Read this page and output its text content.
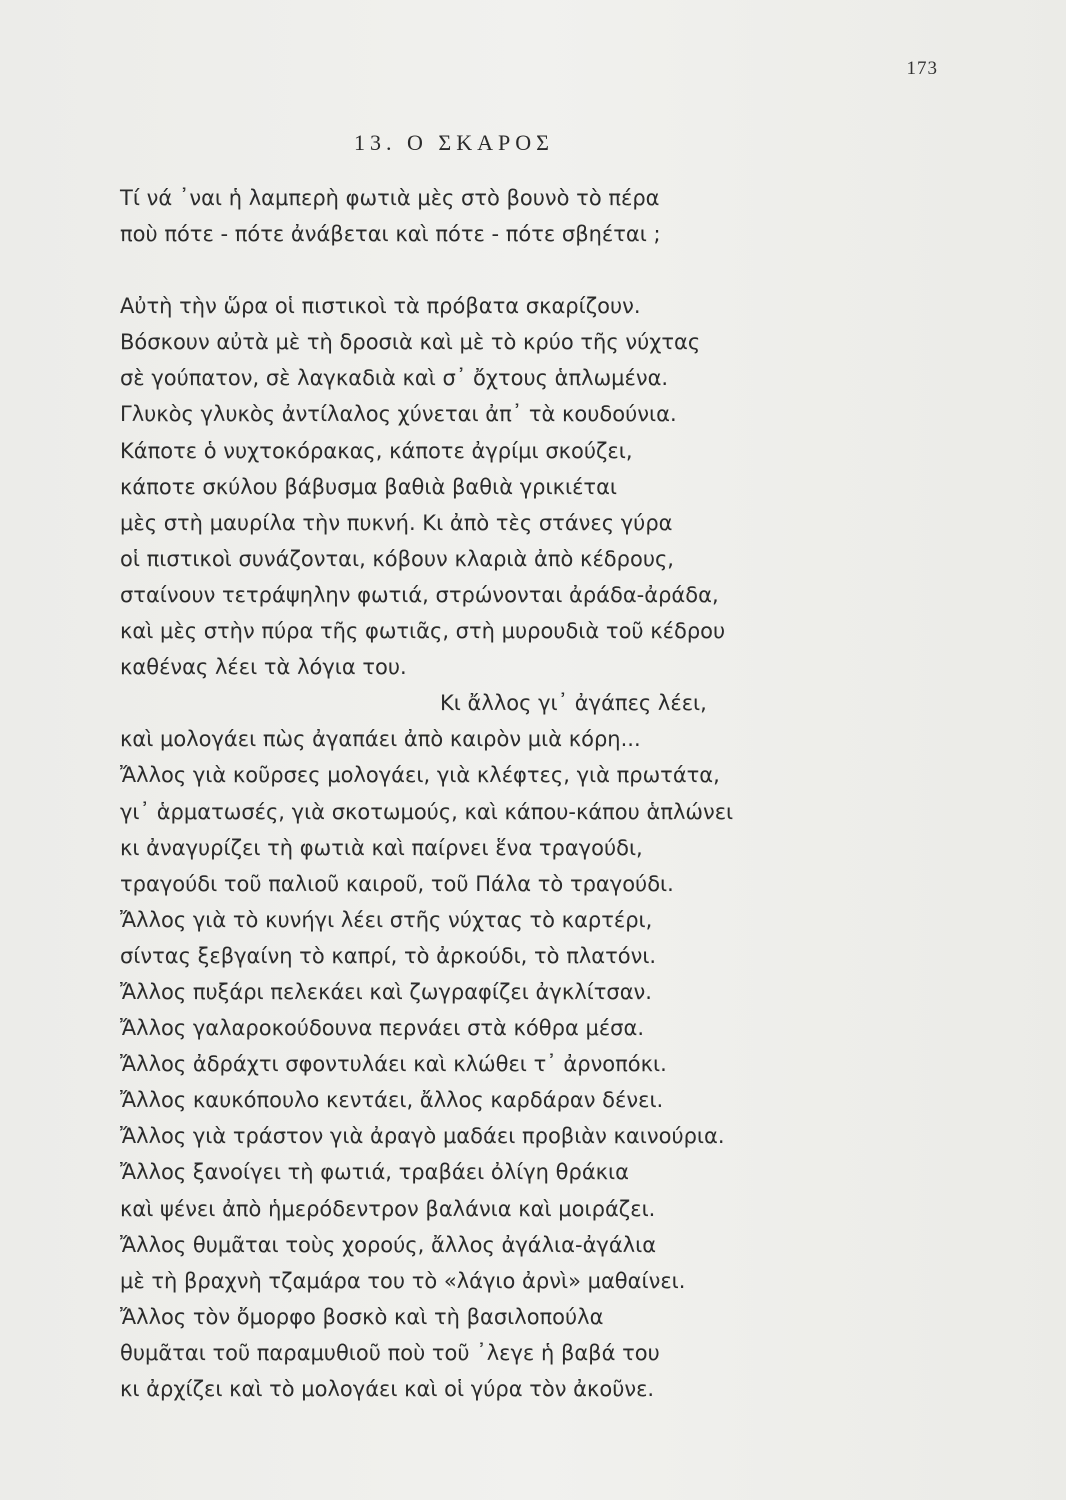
173
13. Ο ΣΚΑΡΟΣ
Τί νά ᾿ναι ἡ λαμπερὴ φωτιὰ μὲς στὸ βουνὸ τὸ πέρα
ποὺ πότε - πότε ἀνάβεται καὶ πότε - πότε σβηέται ;
Αὐτὴ τὴν ὥρα οἱ πιστικοὶ τὰ πρόβατα σκαρίζουν.
Βόσκουν αὐτὰ μὲ τὴ δροσιὰ καὶ μὲ τὸ κρύο τῆς νύχτας
σὲ γούπατον, σὲ λαγκαδιὰ καὶ σ᾿ ὄχτους ἁπλωμένα.
Γλυκὸς γλυκὸς ἀντίλαλος χύνεται ἀπ᾿ τὰ κουδούνια.
Κάποτε ὁ νυχτοκόρακας, κάποτε ἀγρίμι σκούζει,
κάποτε σκύλου βάβυσμα βαθιὰ βαθιὰ γρικιέται
μὲς στὴ μαυρίλα τὴν πυκνή. Κι ἀπὸ τὲς στάνες γύρα
οἱ πιστικοὶ συνάζονται, κόβουν κλαριὰ ἀπὸ κέδρους,
σταίνουν τετράψηλην φωτιά, στρώνονται ἀράδα-ἀράδα,
καὶ μὲς στὴν πύρα τῆς φωτιᾶς, στὴ μυρουδιὰ τοῦ κέδρου
καθένας λέει τὰ λόγια του.
Κι ἄλλος γι᾿ ἀγάπες λέει,
καὶ μολογάει πὼς ἀγαπάει ἀπὸ καιρὸν μιὰ κόρη...
Ἄλλος γιὰ κοῦρσες μολογάει, γιὰ κλέφτες, γιὰ πρωτάτα,
γι᾿ ἁρματωσές, γιὰ σκοτωμούς, καὶ κάπου-κάπου ἁπλώνει
κι ἀναγυρίζει τὴ φωτιὰ καὶ παίρνει ἕνα τραγούδι,
τραγούδι τοῦ παλιοῦ καιροῦ, τοῦ Πάλα τὸ τραγούδι.
Ἄλλος γιὰ τὸ κυνήγι λέει στῆς νύχτας τὸ καρτέρι,
σίντας ξεβγαίνη τὸ καπρί, τὸ ἀρκούδι, τὸ πλατόνι.
Ἄλλος πυξάρι πελεκάει καὶ ζωγραφίζει ἀγκλίτσαν.
Ἄλλος γαλαροκούδουνα περνάει στὰ κόθρα μέσα.
Ἄλλος ἀδράχτι σφοντυλάει καὶ κλώθει τ᾿ ἀρνοπόκι.
Ἄλλος καυκόπουλο κεντάει, ἄλλος καρδάραν δένει.
Ἄλλος γιὰ τράστον γιὰ ἀραγὸ μαδάει προβιὰν καινούρια.
Ἄλλος ξανοίγει τὴ φωτιά, τραβάει ὀλίγη θράκια
καὶ ψένει ἀπὸ ἡμερόδεντρον βαλάνια καὶ μοιράζει.
Ἄλλος θυμᾶται τοὺς χορούς, ἄλλος ἀγάλια-ἀγάλια
μὲ τὴ βραχνὴ τζαμάρα του τὸ «λάγιο ἀρνὶ» μαθαίνει.
Ἄλλος τὸν ὄμορφο βοσκὸ καὶ τὴ βασιλοπούλα
θυμᾶται τοῦ παραμυθιοῦ ποὺ τοῦ ᾿λεγε ἡ βαβά του
κι ἀρχίζει καὶ τὸ μολογάει καὶ οἱ γύρα τὸν ἀκοῦνε.
